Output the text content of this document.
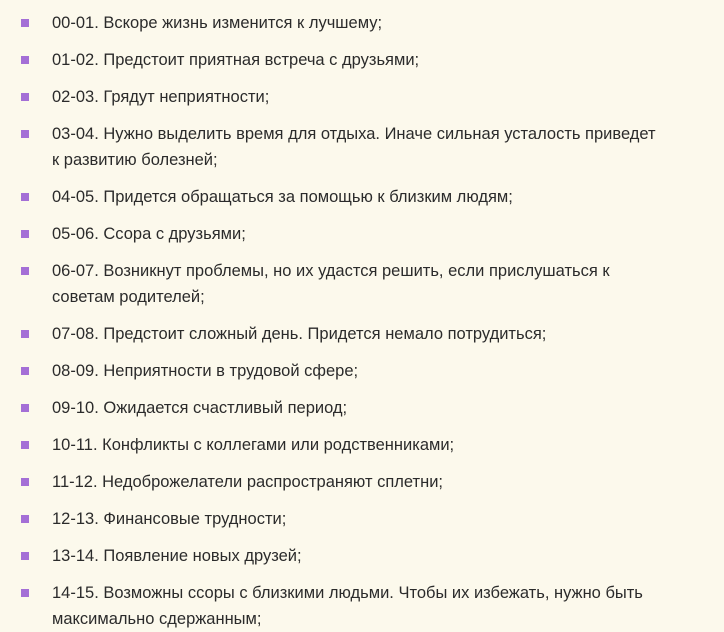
00-01. Вскоре жизнь изменится к лучшему;
01-02. Предстоит приятная встреча с друзьями;
02-03. Грядут неприятности;
03-04. Нужно выделить время для отдыха. Иначе сильная усталость приведет к развитию болезней;
04-05. Придется обращаться за помощью к близким людям;
05-06. Ссора с друзьями;
06-07. Возникнут проблемы, но их удастся решить, если прислушаться к советам родителей;
07-08. Предстоит сложный день. Придется немало потрудиться;
08-09. Неприятности в трудовой сфере;
09-10. Ожидается счастливый период;
10-11. Конфликты с коллегами или родственниками;
11-12. Недоброжелатели распространяют сплетни;
12-13. Финансовые трудности;
13-14. Появление новых друзей;
14-15. Возможны ссоры с близкими людьми. Чтобы их избежать, нужно быть максимально сдержанным;
